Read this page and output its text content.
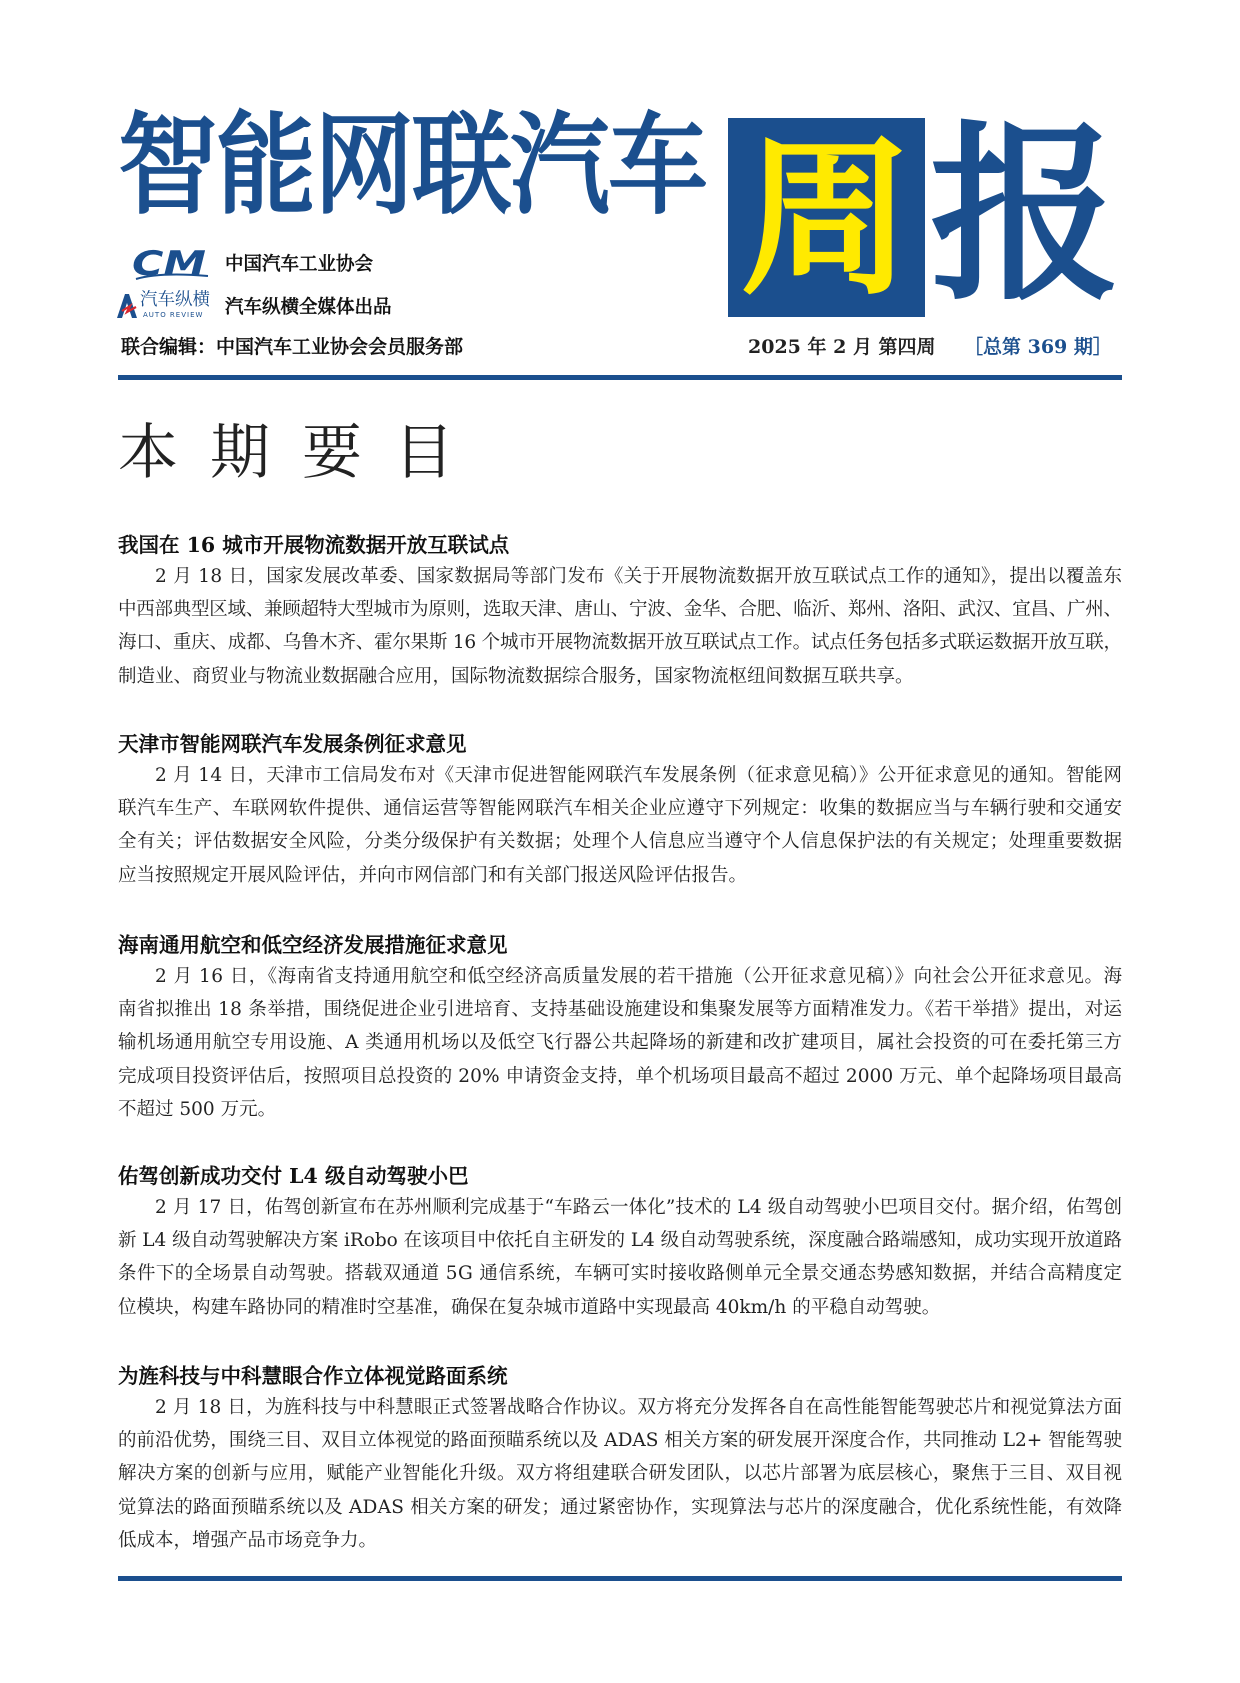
智能网联汽车 周 报
CM 中国汽车工业协会
汽车纵横
AUTO REVIEW 汽车纵横全媒体出品
联合编辑：中国汽车工业协会会员服务部	2025 年 2 月 第四周 ［总第 369 期］
本期要目
我国在 16 城市开展物流数据开放互联试点
2 月 18 日，国家发展改革委、国家数据局等部门发布《关于开展物流数据开放互联试点工作的通知》，提出以覆盖东
中西部典型区域、兼顾超特大型城市为原则，选取天津、唐山、宁波、金华、合肥、临沂、郑州、洛阳、武汉、宜昌、广州、
海口、重庆、成都、乌鲁木齐、霍尔果斯 16 个城市开展物流数据开放互联试点工作。试点任务包括多式联运数据开放互联，
制造业、商贸业与物流业数据融合应用，国际物流数据综合服务，国家物流枢纽间数据互联共享。
天津市智能网联汽车发展条例征求意见
2 月 14 日，天津市工信局发布对《天津市促进智能网联汽车发展条例（征求意见稿）》公开征求意见的通知。智能网
联汽车生产、车联网软件提供、通信运营等智能网联汽车相关企业应遵守下列规定：收集的数据应当与车辆行驶和交通安
全有关；评估数据安全风险，分类分级保护有关数据；处理个人信息应当遵守个人信息保护法的有关规定；处理重要数据
应当按照规定开展风险评估，并向市网信部门和有关部门报送风险评估报告。
海南通用航空和低空经济发展措施征求意见
2 月 16 日，《海南省支持通用航空和低空经济高质量发展的若干措施（公开征求意见稿）》向社会公开征求意见。海
南省拟推出 18 条举措，围绕促进企业引进培育、支持基础设施建设和集聚发展等方面精准发力。《若干举措》提出，对运
输机场通用航空专用设施、A 类通用机场以及低空飞行器公共起降场的新建和改扩建项目，属社会投资的可在委托第三方
完成项目投资评估后，按照项目总投资的 20% 申请资金支持，单个机场项目最高不超过 2000 万元、单个起降场项目最高
不超过 500 万元。
佑驾创新成功交付 L4 级自动驾驶小巴
2 月 17 日，佑驾创新宣布在苏州顺利完成基于“车路云一体化”技术的 L4 级自动驾驶小巴项目交付。据介绍，佑驾创
新 L4 级自动驾驶解决方案 iRobo 在该项目中依托自主研发的 L4 级自动驾驶系统，深度融合路端感知，成功实现开放道路
条件下的全场景自动驾驶。搭载双通道 5G 通信系统，车辆可实时接收路侧单元全景交通态势感知数据，并结合高精度定
位模块，构建车路协同的精准时空基准，确保在复杂城市道路中实现最高 40km/h 的平稳自动驾驶。
为旌科技与中科慧眼合作立体视觉路面系统
2 月 18 日，为旌科技与中科慧眼正式签署战略合作协议。双方将充分发挥各自在高性能智能驾驶芯片和视觉算法方面
的前沿优势，围绕三目、双目立体视觉的路面预瞄系统以及 ADAS 相关方案的研发展开深度合作，共同推动 L2+ 智能驾驶
解决方案的创新与应用，赋能产业智能化升级。双方将组建联合研发团队，以芯片部署为底层核心，聚焦于三目、双目视
觉算法的路面预瞄系统以及 ADAS 相关方案的研发；通过紧密协作，实现算法与芯片的深度融合，优化系统性能，有效降
低成本，增强产品市场竞争力。
